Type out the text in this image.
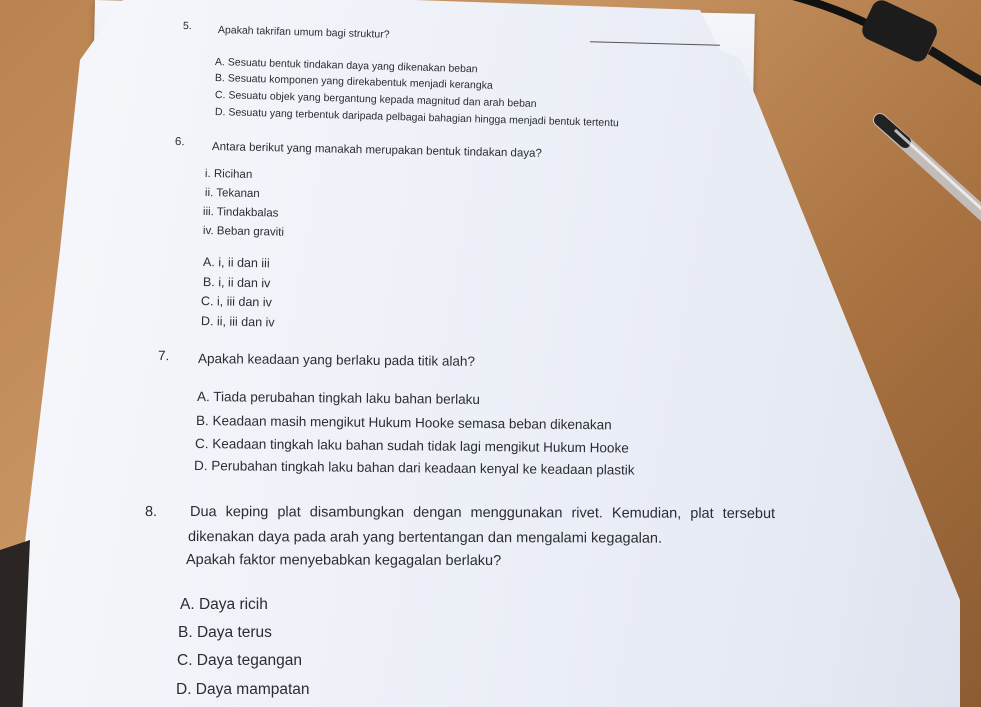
5. Apakah takrifan umum bagi struktur?
A. Sesuatu bentuk tindakan daya yang dikenakan beban
B. Sesuatu komponen yang direkabentuk menjadi kerangka
C. Sesuatu objek yang bergantung kepada magnitud dan arah beban
D. Sesuatu yang terbentuk daripada pelbagai bahagian hingga menjadi bentuk tertentu
6. Antara berikut yang manakah merupakan bentuk tindakan daya?
i. Ricihan
ii. Tekanan
iii. Tindakbalas
iv. Beban graviti
A. i, ii dan iii
B. i, ii dan iv
C. i, iii dan iv
D. ii, iii dan iv
7. Apakah keadaan yang berlaku pada titik alah?
A. Tiada perubahan tingkah laku bahan berlaku
B. Keadaan masih mengikut Hukum Hooke semasa beban dikenakan
C. Keadaan tingkah laku bahan sudah tidak lagi mengikut Hukum Hooke
D. Perubahan tingkah laku bahan dari keadaan kenyal ke keadaan plastik
8. Dua keping plat disambungkan dengan menggunakan rivet. Kemudian, plat tersebut
dikenakan daya pada arah yang bertentangan dan mengalami kegagalan.
Apakah faktor menyebabkan kegagalan berlaku?
A. Daya ricih
B. Daya terus
C. Daya tegangan
D. Daya mampatan
